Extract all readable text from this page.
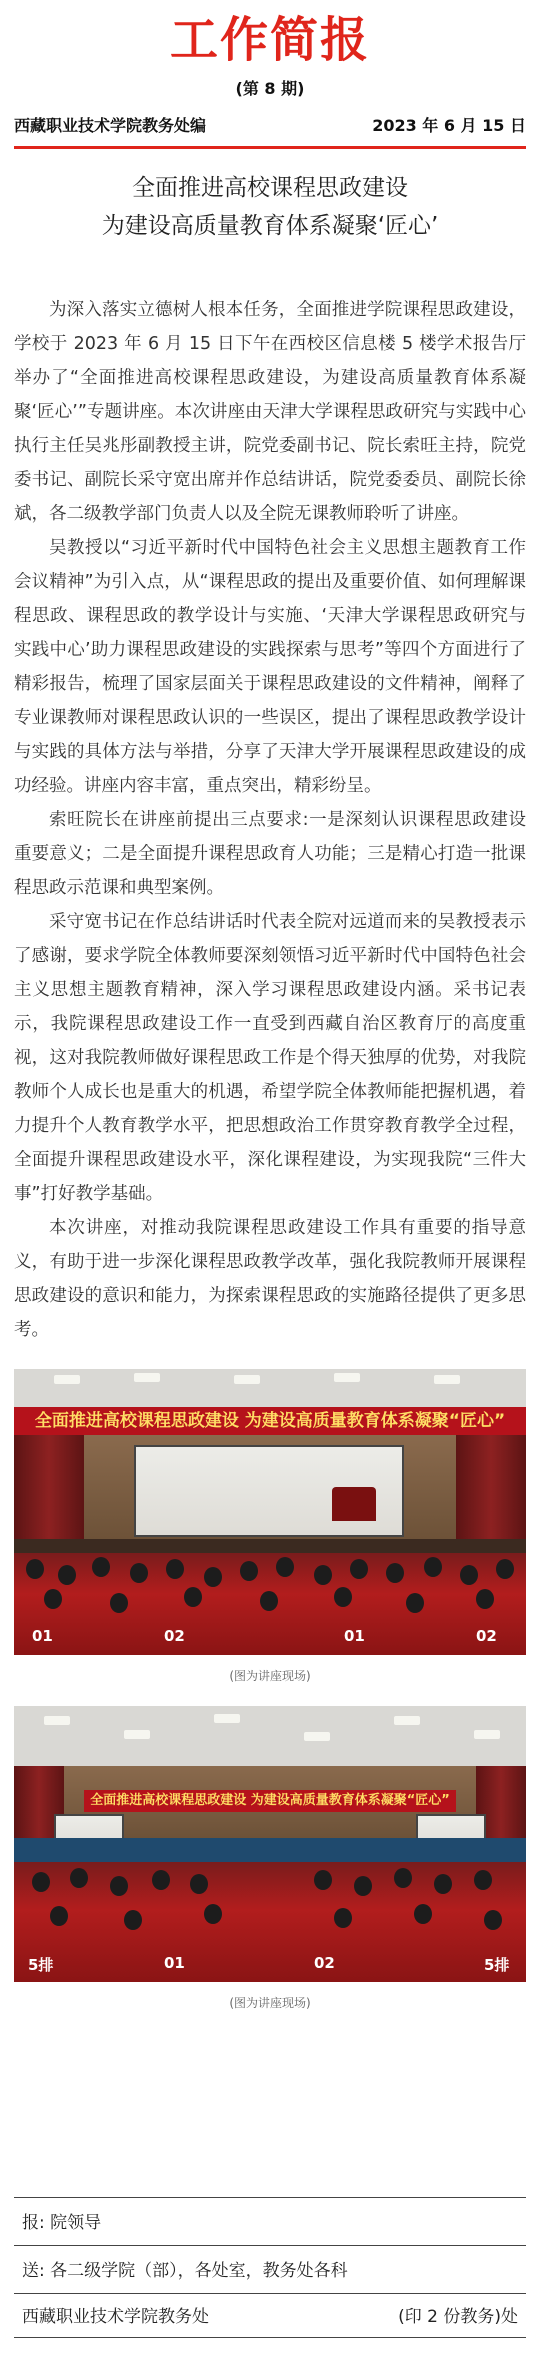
工作简报
(第 8 期)
西藏职业技术学院教务处编	2023 年 6 月 15 日
全面推进高校课程思政建设
为建设高质量教育体系凝聚‘匠心’

为深入落实立德树人根本任务，全面推进学院课程思政建设，学校于 2023 年 6 月 15 日下午在西校区信息楼 5 楼学术报告厅举办了“全面推进高校课程思政建设，为建设高质量教育体系凝聚‘匠心’”专题讲座。本次讲座由天津大学课程思政研究与实践中心执行主任吴兆彤副教授主讲，院党委副书记、院长索旺主持，院党委书记、副院长采守宽出席并作总结讲话，院党委委员、副院长徐斌，各二级教学部门负责人以及全院无课教师聆听了讲座。

吴教授以“习近平新时代中国特色社会主义思想主题教育工作会议精神”为引入点，从“课程思政的提出及重要价值、如何理解课程思政、课程思政的教学设计与实施、‘天津大学课程思政研究与实践中心’助力课程思政建设的实践探索与思考”等四个方面进行了精彩报告，梳理了国家层面关于课程思政建设的文件精神，阐释了专业课教师对课程思政认识的一些误区，提出了课程思政教学设计与实践的具体方法与举措，分享了天津大学开展课程思政建设的成功经验。讲座内容丰富，重点突出，精彩纷呈。

索旺院长在讲座前提出三点要求:一是深刻认识课程思政建设重要意义；二是全面提升课程思政育人功能；三是精心打造一批课程思政示范课和典型案例。

采守宽书记在作总结讲话时代表全院对远道而来的吴教授表示了感谢，要求学院全体教师要深刻领悟习近平新时代中国特色社会主义思想主题教育精神，深入学习课程思政建设内涵。采书记表示，我院课程思政建设工作一直受到西藏自治区教育厅的高度重视，这对我院教师做好课程思政工作是个得天独厚的优势，对我院教师个人成长也是重大的机遇，希望学院全体教师能把握机遇，着力提升个人教育教学水平，把思想政治工作贯穿教育教学全过程，全面提升课程思政建设水平，深化课程建设，为实现我院“三件大事”打好教学基础。

本次讲座，对推动我院课程思政建设工作具有重要的指导意义，有助于进一步深化课程思政教学改革，强化我院教师开展课程思政建设的意识和能力，为探索课程思政的实施路径提供了更多思考。

全面推进高校课程思政建设 为建设高质量教育体系凝聚“匠心”
01	02	01	02
(图为讲座现场)
全面推进高校课程思政建设 为建设高质量教育体系凝聚“匠心”
5排	01	02	5排
(图为讲座现场)
报: 院领导
送: 各二级学院（部），各处室，教务处各科
西藏职业技术学院教务处	(印 2 份教务)处
